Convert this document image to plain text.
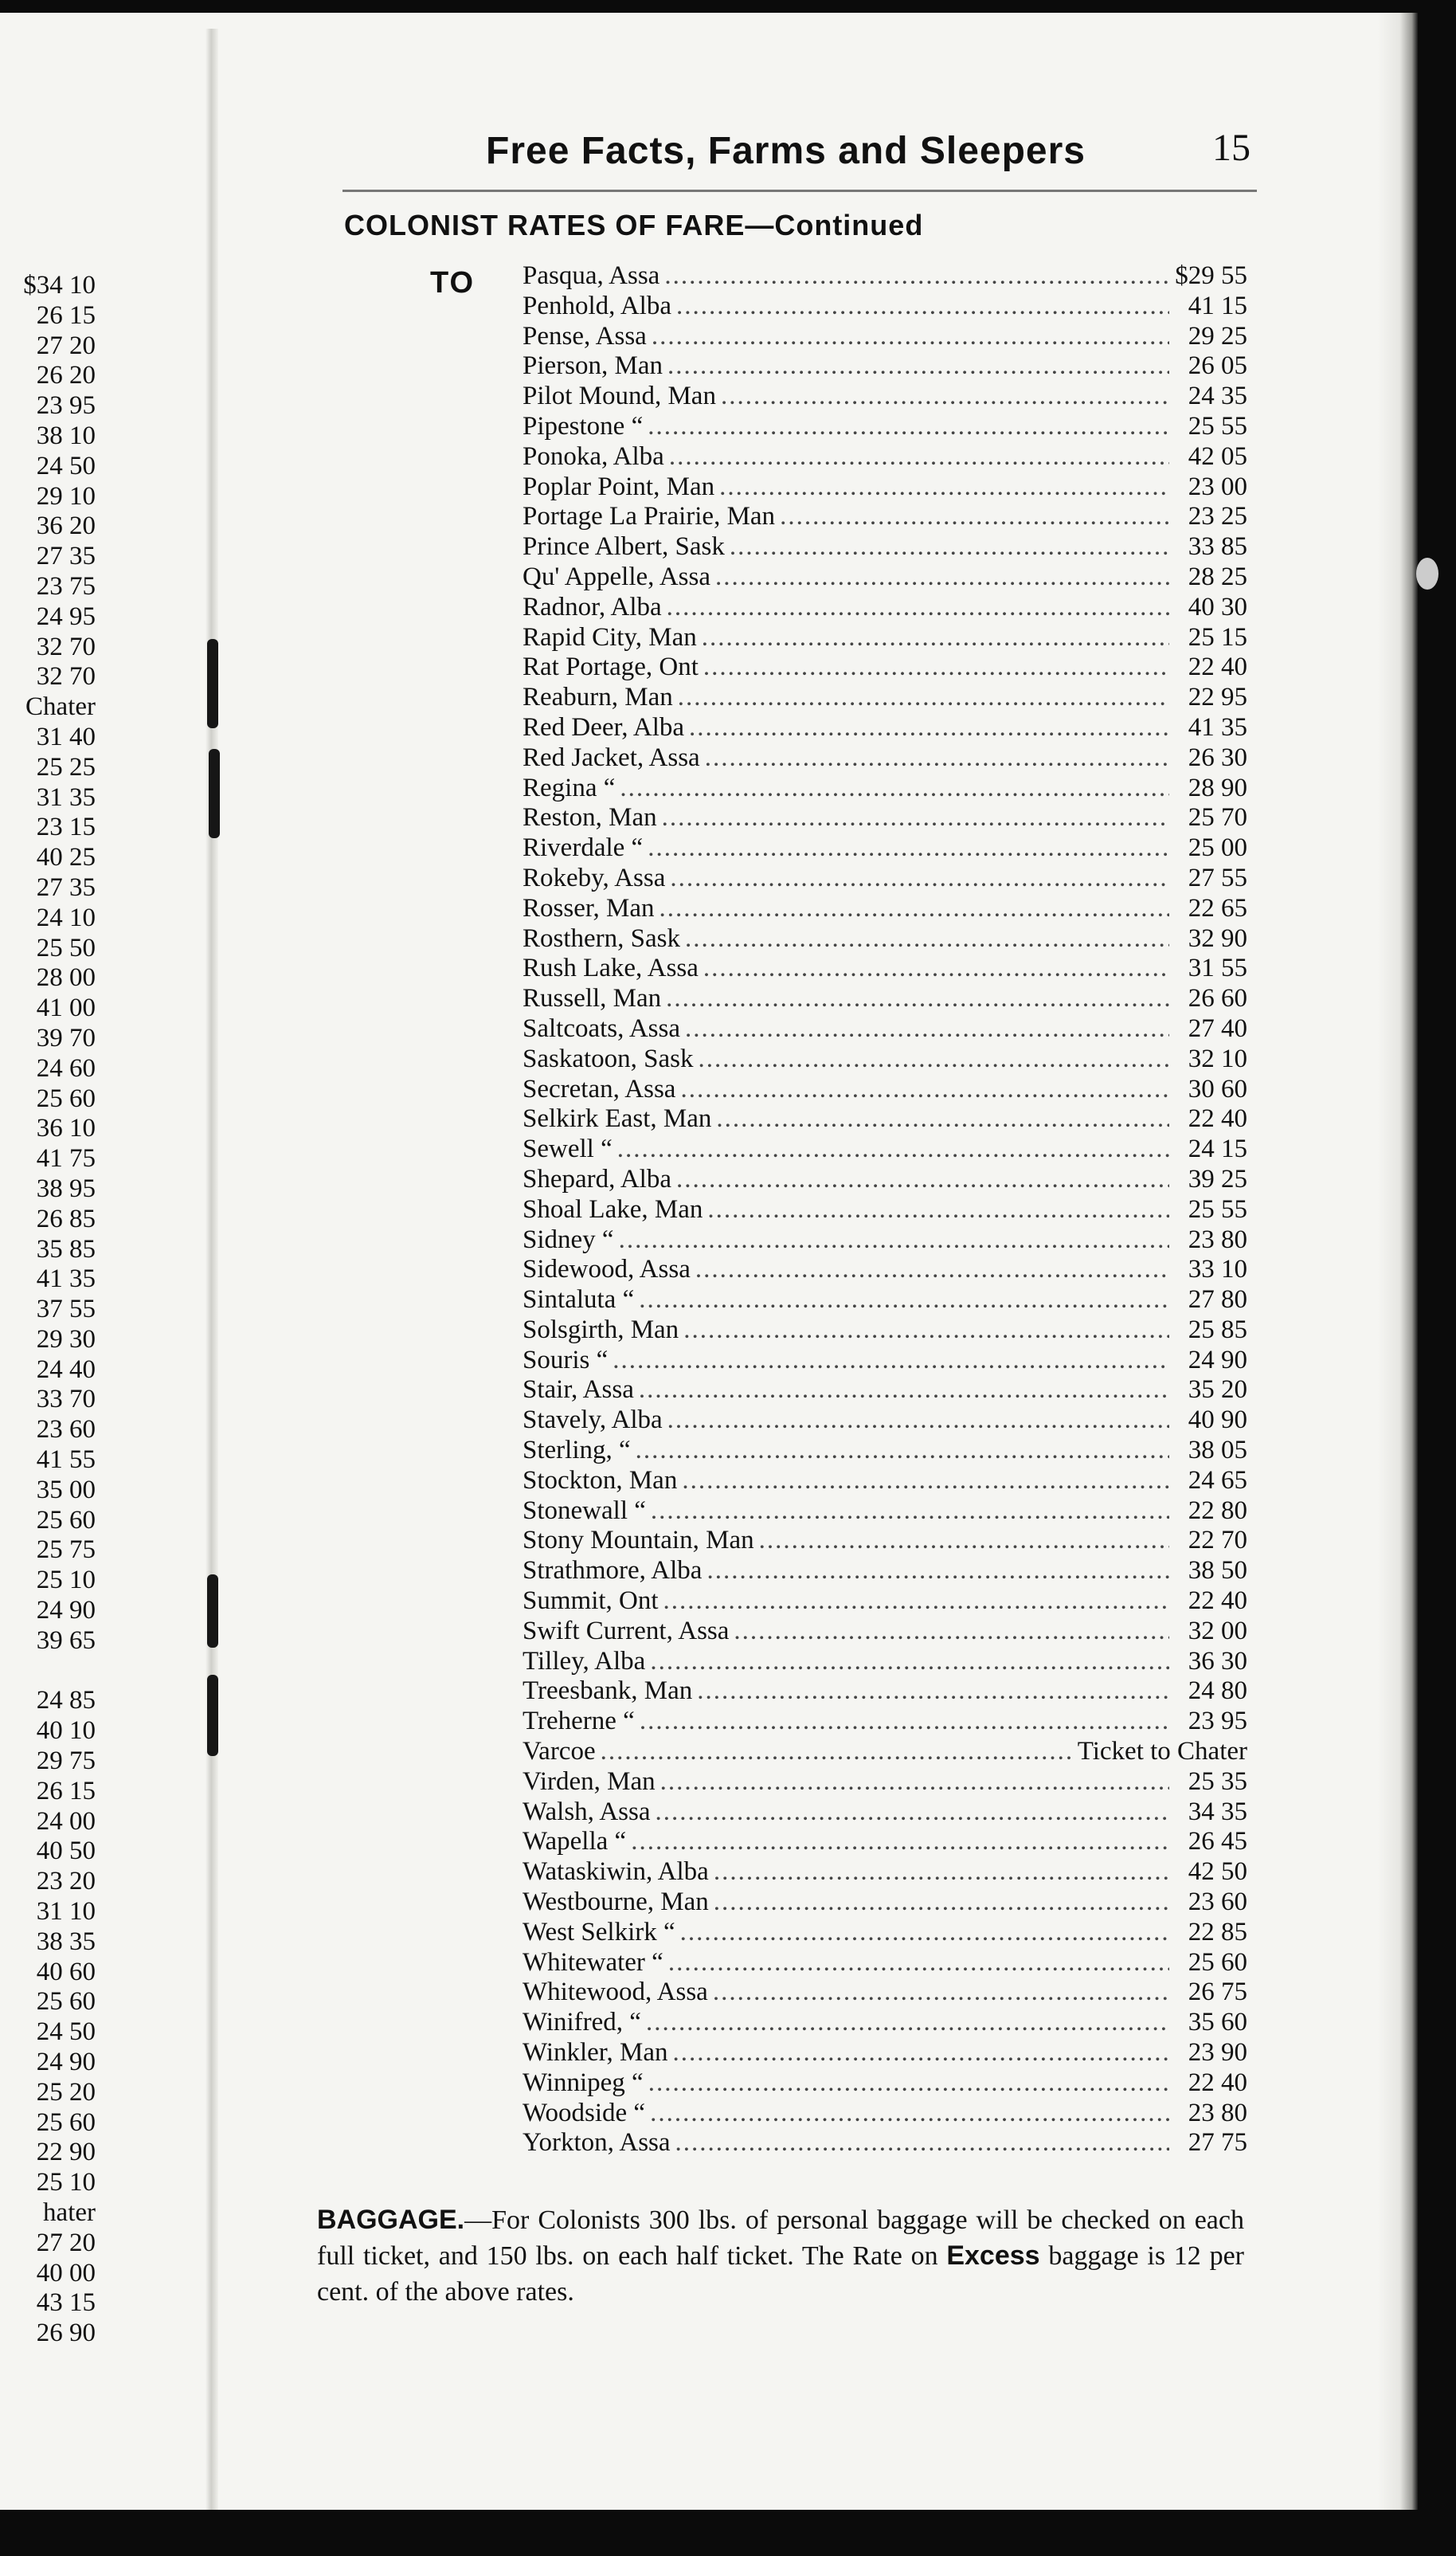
Free Facts, Farms and Sleepers	15
COLONIST RATES OF FARE—Continued
TO
$34 10
26 15
27 20
26 20
23 95
38 10
24 50
29 10
36 20
27 35
23 75
24 95
32 70
32 70
Chater
31 40
25 25
31 35
23 15
40 25
27 35
24 10
25 50
28 00
41 00
39 70
24 60
25 60
36 10
41 75
38 95
26 85
35 85
41 35
37 55
29 30
24 40
33 70
23 60
41 55
35 00
25 60
25 75
25 10
24 90
39 65
24 85
40 10
29 75
26 15
24 00
40 50
23 20
31 10
38 35
40 60
25 60
24 50
24 90
25 20
25 60
22 90
25 10
hater
27 20
40 00
43 15
26 90
Pasqua, Assa .....	$29 55
Penhold, Alba .....	41 15
Pense, Assa .....	29 25
Pierson, Man .....	26 05
Pilot Mound, Man .....	24 35
Pipestone “ .....	25 55
Ponoka, Alba .....	42 05
Poplar Point, Man .....	23 00
Portage La Prairie, Man .....	23 25
Prince Albert, Sask .....	33 85
Qu' Appelle, Assa .....	28 25
Radnor, Alba .....	40 30
Rapid City, Man .....	25 15
Rat Portage, Ont .....	22 40
Reaburn, Man .....	22 95
Red Deer, Alba .....	41 35
Red Jacket, Assa .....	26 30
Regina “ .....	28 90
Reston, Man .....	25 70
Riverdale “ .....	25 00
Rokeby, Assa .....	27 55
Rosser, Man .....	22 65
Rosthern, Sask .....	32 90
Rush Lake, Assa .....	31 55
Russell, Man .....	26 60
Saltcoats, Assa .....	27 40
Saskatoon, Sask .....	32 10
Secretan, Assa .....	30 60
Selkirk East, Man .....	22 40
Sewell “ .....	24 15
Shepard, Alba .....	39 25
Shoal Lake, Man .....	25 55
Sidney “ .....	23 80
Sidewood, Assa .....	33 10
Sintaluta “ .....	27 80
Solsgirth, Man .....	25 85
Souris “ .....	24 90
Stair, Assa .....	35 20
Stavely, Alba .....	40 90
Sterling, “ .....	38 05
Stockton, Man .....	24 65
Stonewall “ .....	22 80
Stony Mountain, Man .....	22 70
Strathmore, Alba .....	38 50
Summit, Ont .....	22 40
Swift Current, Assa .....	32 00
Tilley, Alba .....	36 30
Treesbank, Man .....	24 80
Treherne “ .....	23 95
Varcoe .....	Ticket to Chater
Virden, Man .....	25 35
Walsh, Assa .....	34 35
Wapella “ .....	26 45
Wataskiwin, Alba .....	42 50
Westbourne, Man .....	23 60
West Selkirk “ .....	22 85
Whitewater “ .....	25 60
Whitewood, Assa .....	26 75
Winifred, “ .....	35 60
Winkler, Man .....	23 90
Winnipeg “ .....	22 40
Woodside “ .....	23 80
Yorkton, Assa .....	27 75
BAGGAGE.—For Colonists 300 lbs. of personal baggage will be checked on each full ticket, and 150 lbs. on each half ticket. The Rate on Excess baggage is 12 per cent. of the above rates.
